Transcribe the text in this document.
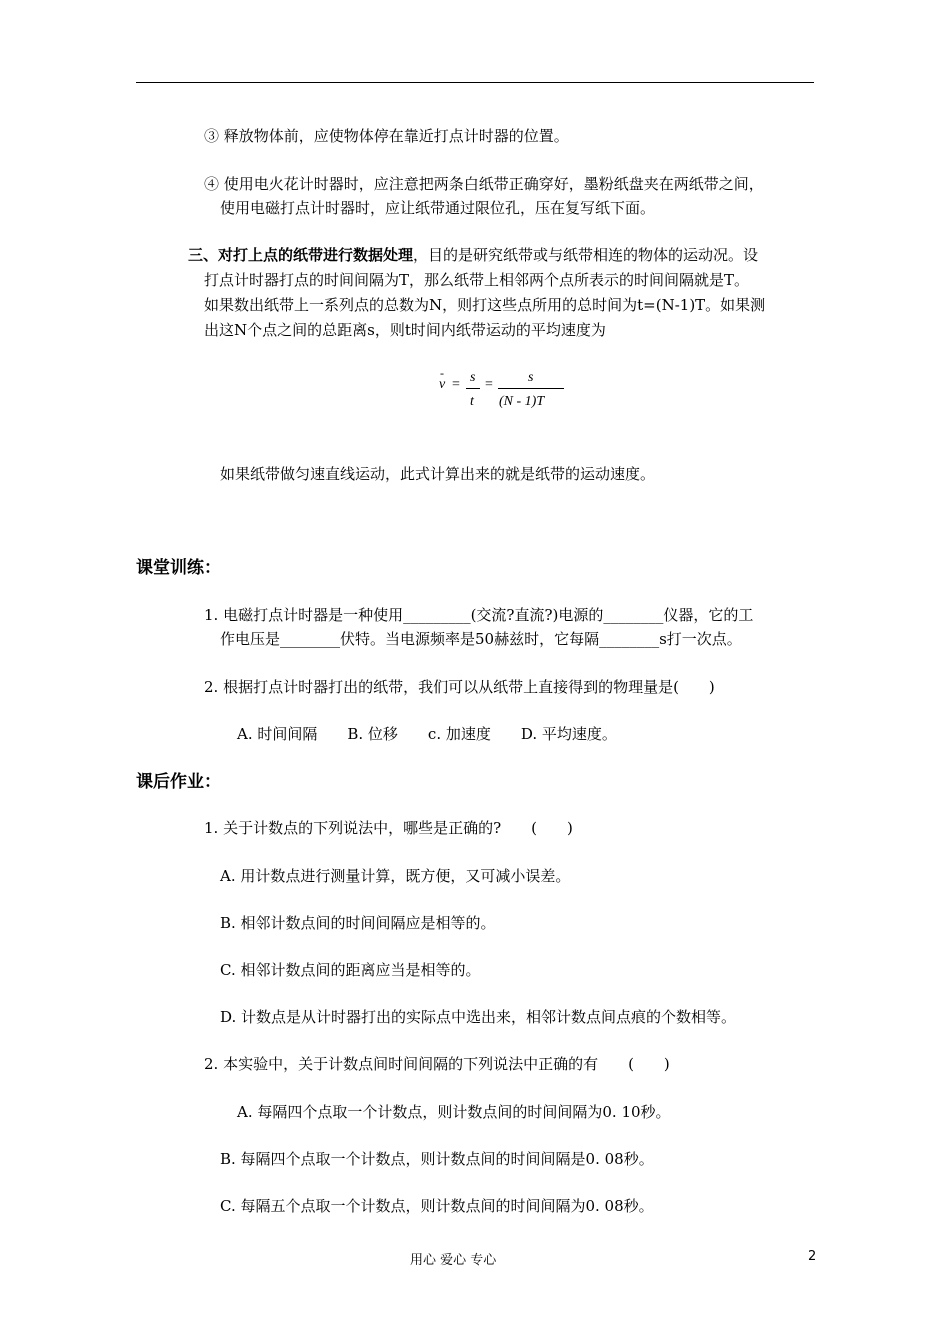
③ 释放物体前，应使物体停在靠近打点计时器的位置。
④ 使用电火花计时器时，应注意把两条白纸带正确穿好，墨粉纸盘夹在两纸带之间，
使用电磁打点计时器时，应让纸带通过限位孔，压在复写纸下面。
三、对打上点的纸带进行数据处理，目的是研究纸带或与纸带相连的物体的运动况。设
打点计时器打点的时间间隔为T，那么纸带上相邻两个点所表示的时间间隔就是T。
如果数出纸带上一系列点的总数为N，则打这些点所用的总时间为t=(N-1)T。如果测
出这N个点之间的总距离s，则t时间内纸带运动的平均速度为
-
v = s
t
=	s
(N - 1)T
如果纸带做匀速直线运动，此式计算出来的就是纸带的运动速度。
课堂训练：
1. 电磁打点计时器是一种使用_________(交流?直流?)电源的________仪器，它的工
作电压是________伏特。当电源频率是50赫兹时，它每隔________s打一次点。
2. 根据打点计时器打出的纸带，我们可以从纸带上直接得到的物理量是(　　)
A. 时间间隔　　B. 位移　　c. 加速度　　D. 平均速度。
课后作业：
1. 关于计数点的下列说法中，哪些是正确的?　　(　　)
A. 用计数点进行测量计算，既方便，又可减小误差。
B. 相邻计数点间的时间间隔应是相等的。
C. 相邻计数点间的距离应当是相等的。
D. 计数点是从计时器打出的实际点中选出来，相邻计数点间点痕的个数相等。
2. 本实验中，关于计数点间时间间隔的下列说法中正确的有　　(　　)
A. 每隔四个点取一个计数点，则计数点间的时间间隔为0. 10秒。
B. 每隔四个点取一个计数点，则计数点间的时间间隔是0. 08秒。
C. 每隔五个点取一个计数点，则计数点间的时间间隔为0. 08秒。
用心 爱心 专心	2
